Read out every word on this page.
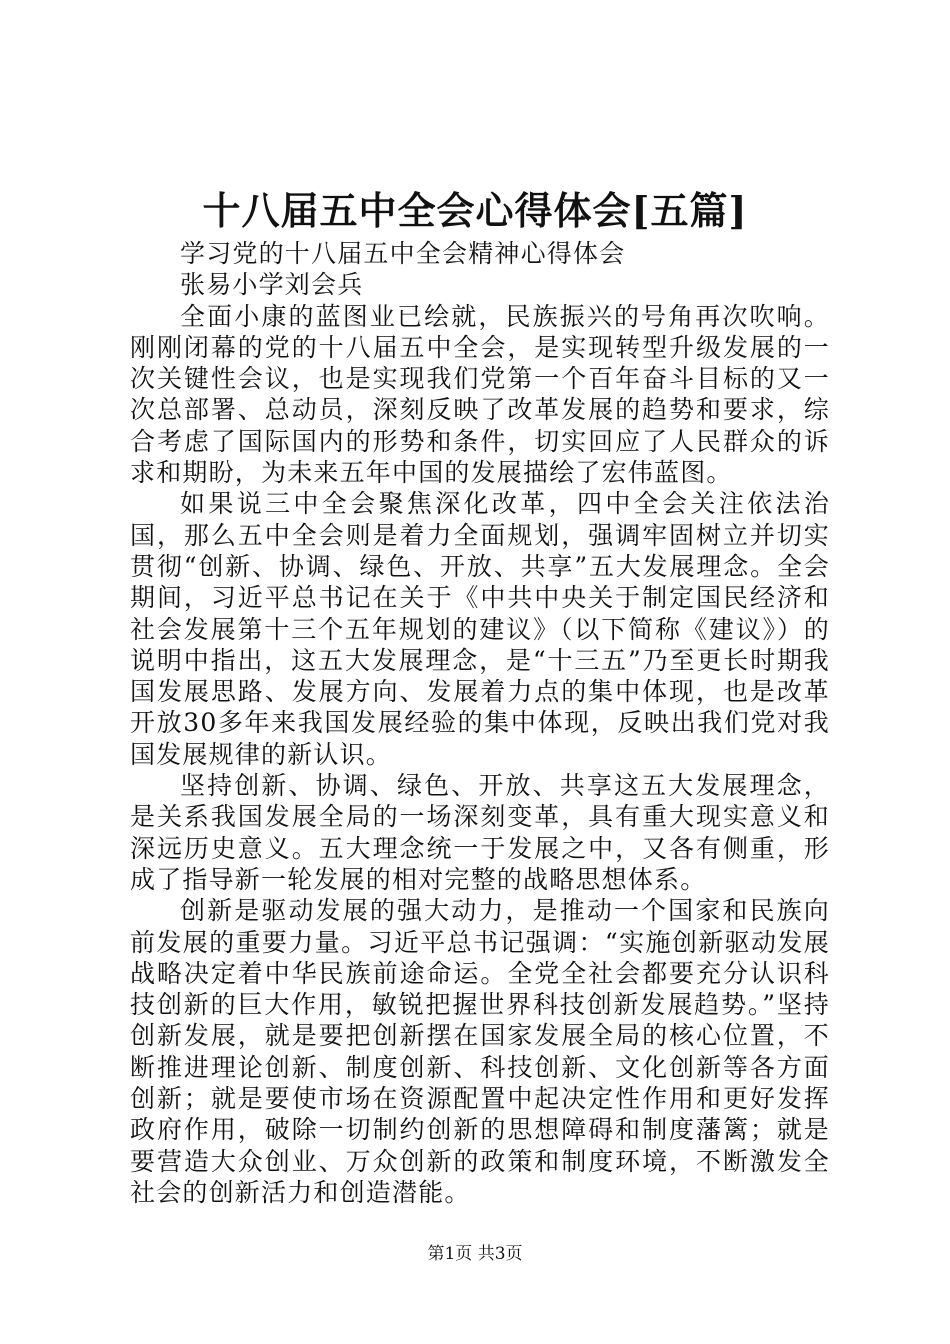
十八届五中全会心得体会[五篇]

学习党的十八届五中全会精神心得体会

张易小学刘会兵

全面小康的蓝图业已绘就，民族振兴的号角再次吹响。刚刚闭幕的党的十八届五中全会，是实现转型升级发展的一次关键性会议，也是实现我们党第一个百年奋斗目标的又一次总部署、总动员，深刻反映了改革发展的趋势和要求，综合考虑了国际国内的形势和条件，切实回应了人民群众的诉求和期盼，为未来五年中国的发展描绘了宏伟蓝图。

如果说三中全会聚焦深化改革，四中全会关注依法治国，那么五中全会则是着力全面规划，强调牢固树立并切实贯彻“创新、协调、绿色、开放、共享”五大发展理念。全会期间，习近平总书记在关于《中共中央关于制定国民经济和社会发展第十三个五年规划的建议》（以下简称《建议》）的说明中指出，这五大发展理念，是“十三五”乃至更长时期我国发展思路、发展方向、发展着力点的集中体现，也是改革开放30多年来我国发展经验的集中体现，反映出我们党对我国发展规律的新认识。

坚持创新、协调、绿色、开放、共享这五大发展理念，是关系我国发展全局的一场深刻变革，具有重大现实意义和深远历史意义。五大理念统一于发展之中，又各有侧重，形成了指导新一轮发展的相对完整的战略思想体系。

创新是驱动发展的强大动力，是推动一个国家和民族向前发展的重要力量。习近平总书记强调：“实施创新驱动发展战略决定着中华民族前途命运。全党全社会都要充分认识科技创新的巨大作用，敏锐把握世界科技创新发展趋势。”坚持创新发展，就是要把创新摆在国家发展全局的核心位置，不断推进理论创新、制度创新、科技创新、文化创新等各方面创新；就是要使市场在资源配置中起决定性作用和更好发挥政府作用，破除一切制约创新的思想障碍和制度藩篱；就是要营造大众创业、万众创新的政策和制度环境，不断激发全社会的创新活力和创造潜能。

第1页 共3页
